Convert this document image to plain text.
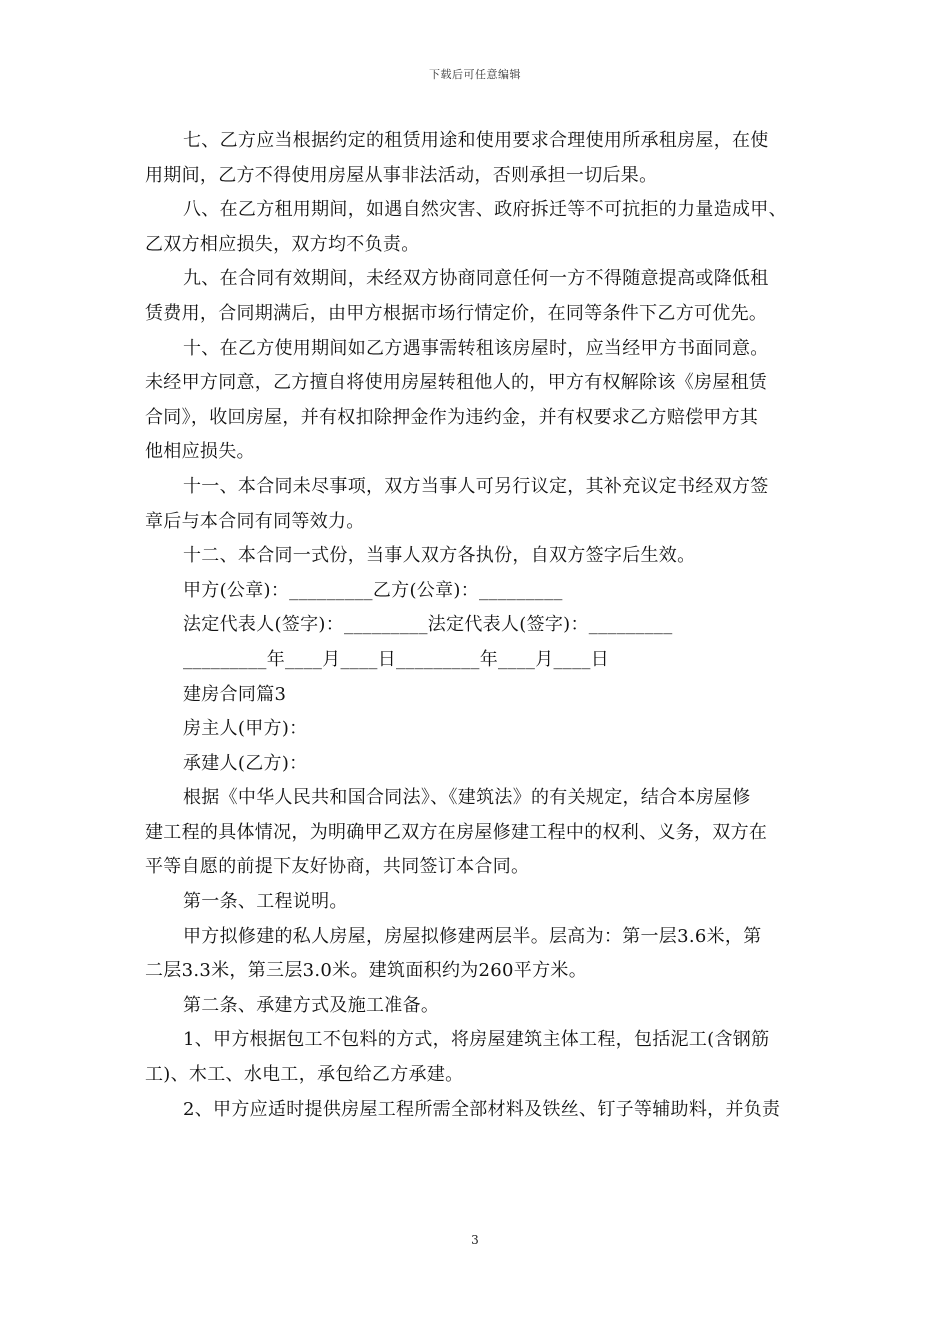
下载后可任意编辑
七、乙方应当根据约定的租赁用途和使用要求合理使用所承租房屋，在使
用期间，乙方不得使用房屋从事非法活动，否则承担一切后果。
八、在乙方租用期间，如遇自然灾害、政府拆迁等不可抗拒的力量造成甲、
乙双方相应损失，双方均不负责。
九、在合同有效期间，未经双方协商同意任何一方不得随意提高或降低租
赁费用，合同期满后，由甲方根据市场行情定价，在同等条件下乙方可优先。
十、在乙方使用期间如乙方遇事需转租该房屋时，应当经甲方书面同意。
未经甲方同意，乙方擅自将使用房屋转租他人的，甲方有权解除该《房屋租赁
合同》，收回房屋，并有权扣除押金作为违约金，并有权要求乙方赔偿甲方其
他相应损失。
十一、本合同未尽事项，双方当事人可另行议定，其补充议定书经双方签
章后与本合同有同等效力。
十二、本合同一式份，当事人双方各执份，自双方签字后生效。
甲方(公章)：_________乙方(公章)：_________
法定代表人(签字)：_________法定代表人(签字)：_________
_________年____月____日_________年____月____日
建房合同篇3
房主人(甲方)：
承建人(乙方)：
根据《中华人民共和国合同法》、《建筑法》的有关规定，结合本房屋修
建工程的具体情况，为明确甲乙双方在房屋修建工程中的权利、义务，双方在
平等自愿的前提下友好协商，共同签订本合同。
第一条、工程说明。
甲方拟修建的私人房屋，房屋拟修建两层半。层高为：第一层3.6米，第
二层3.3米，第三层3.0米。建筑面积约为260平方米。
第二条、承建方式及施工准备。
1、甲方根据包工不包料的方式，将房屋建筑主体工程，包括泥工(含钢筋
工)、木工、水电工，承包给乙方承建。
2、甲方应适时提供房屋工程所需全部材料及铁丝、钉子等辅助料，并负责
3
